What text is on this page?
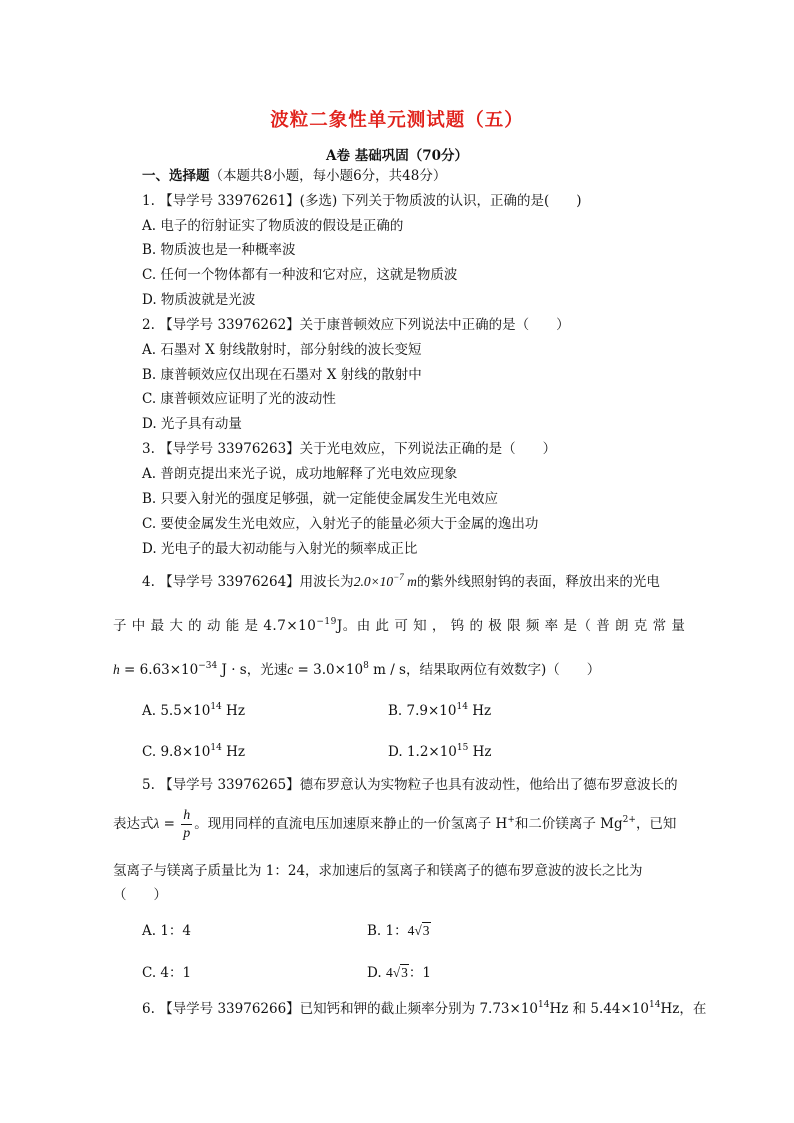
波粒二象性单元测试题（五）
A卷 基础巩固（70分）
一、选择题（本题共8小题，每小题6分，共48分）
1. 【导学号 33976261】(多选) 下列关于物质波的认识，正确的是(　　)
A. 电子的衍射证实了物质波的假设是正确的
B. 物质波也是一种概率波
C. 任何一个物体都有一种波和它对应，这就是物质波
D. 物质波就是光波
2. 【导学号 33976262】关于康普顿效应下列说法中正确的是（　　）
A. 石墨对 X 射线散射时，部分射线的波长变短
B. 康普顿效应仅出现在石墨对 X 射线的散射中
C. 康普顿效应证明了光的波动性
D. 光子具有动量
3. 【导学号 33976263】关于光电效应，下列说法正确的是（　　）
A. 普朗克提出来光子说，成功地解释了光电效应现象
B. 只要入射光的强度足够强，就一定能使金属发生光电效应
C. 要使金属发生光电效应，入射光子的能量必须大于金属的逸出功
D. 光电子的最大初动能与入射光的频率成正比
4. 【导学号 33976264】用波长为$2.0\times 10^{-7}$ m的紫外线照射钨的表面，释放出来的光电
子 中 最 大 的 动 能 是 $4.7\times 10^{-19}J$。由 此 可 知 ， 钨 的 极 限 频 率 是（ 普 朗 克 常 量
$h = 6.63\times 10^{-34}$ J · s，光速$c = 3.0\times 10^8$ m / s，结果取两位有效数字)（　　）
A. $5.5\times 10^{14}$ Hz	B. $7.9\times 10^{14}$ Hz
C. $9.8\times 10^{14}$ Hz	D. $1.2\times 10^{15}$ Hz
5. 【导学号 33976265】德布罗意认为实物粒子也具有波动性，他给出了德布罗意波长的
表达式$\lambda = \frac{h}{p}$ 。现用同样的直流电压加速原来静止的一价氢离子 H+和二价镁离子 $Mg^{2+}$，已知
氢离子与镁离子质量比为 1：24，求加速后的氢离子和镁离子的德布罗意波的波长之比为
（　　）
A. 1：4	B. 1：4√3
C. 4：1	D. 4√3：1
6. 【导学号 33976266】已知钙和钾的截止频率分别为 $7.73\times 10^{14}Hz$ 和 $5.44\times 10^{14}Hz$，在
